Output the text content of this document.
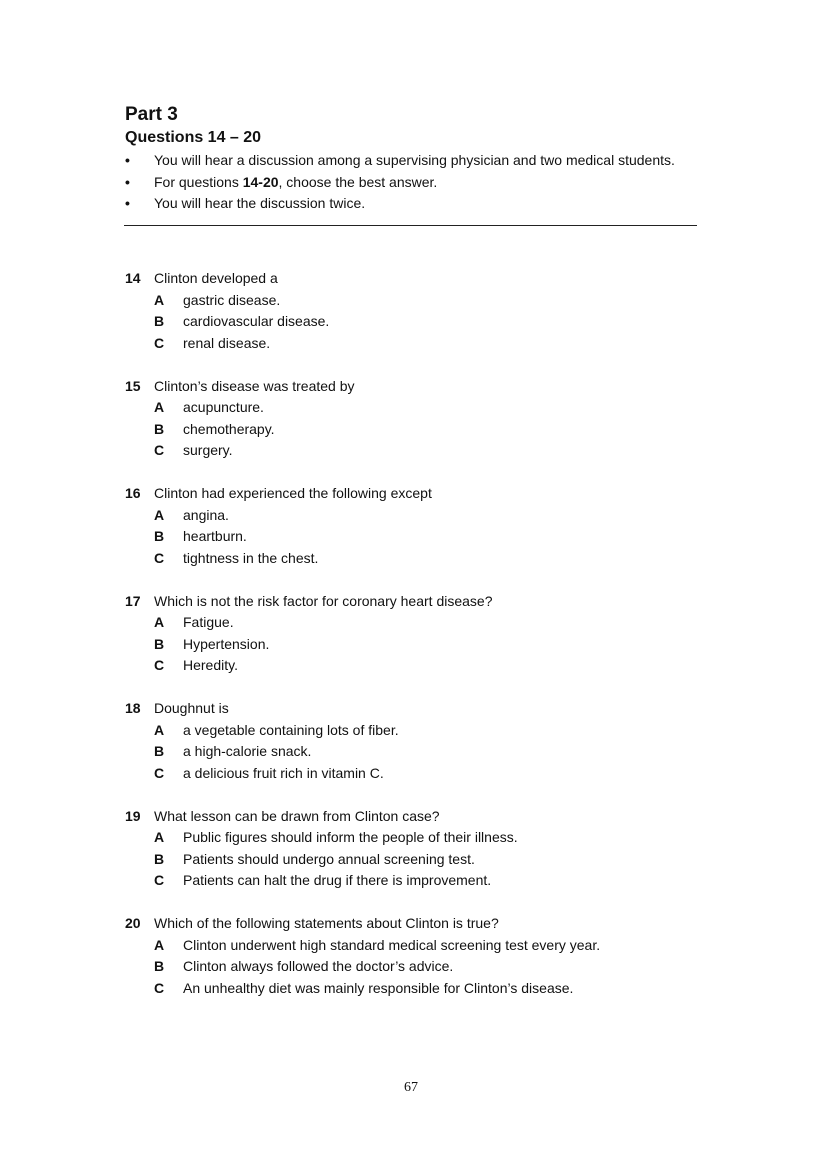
Part 3
Questions 14 – 20
• You will hear a discussion among a supervising physician and two medical students.
• For questions 14-20, choose the best answer.
• You will hear the discussion twice.
14 Clinton developed a
A gastric disease.
B cardiovascular disease.
C renal disease.
15 Clinton’s disease was treated by
A acupuncture.
B chemotherapy.
C surgery.
16 Clinton had experienced the following except
A angina.
B heartburn.
C tightness in the chest.
17 Which is not the risk factor for coronary heart disease?
A Fatigue.
B Hypertension.
C Heredity.
18 Doughnut is
A a vegetable containing lots of fiber.
B a high-calorie snack.
C a delicious fruit rich in vitamin C.
19 What lesson can be drawn from Clinton case?
A Public figures should inform the people of their illness.
B Patients should undergo annual screening test.
C Patients can halt the drug if there is improvement.
20 Which of the following statements about Clinton is true?
A Clinton underwent high standard medical screening test every year.
B Clinton always followed the doctor’s advice.
C An unhealthy diet was mainly responsible for Clinton’s disease.
67
